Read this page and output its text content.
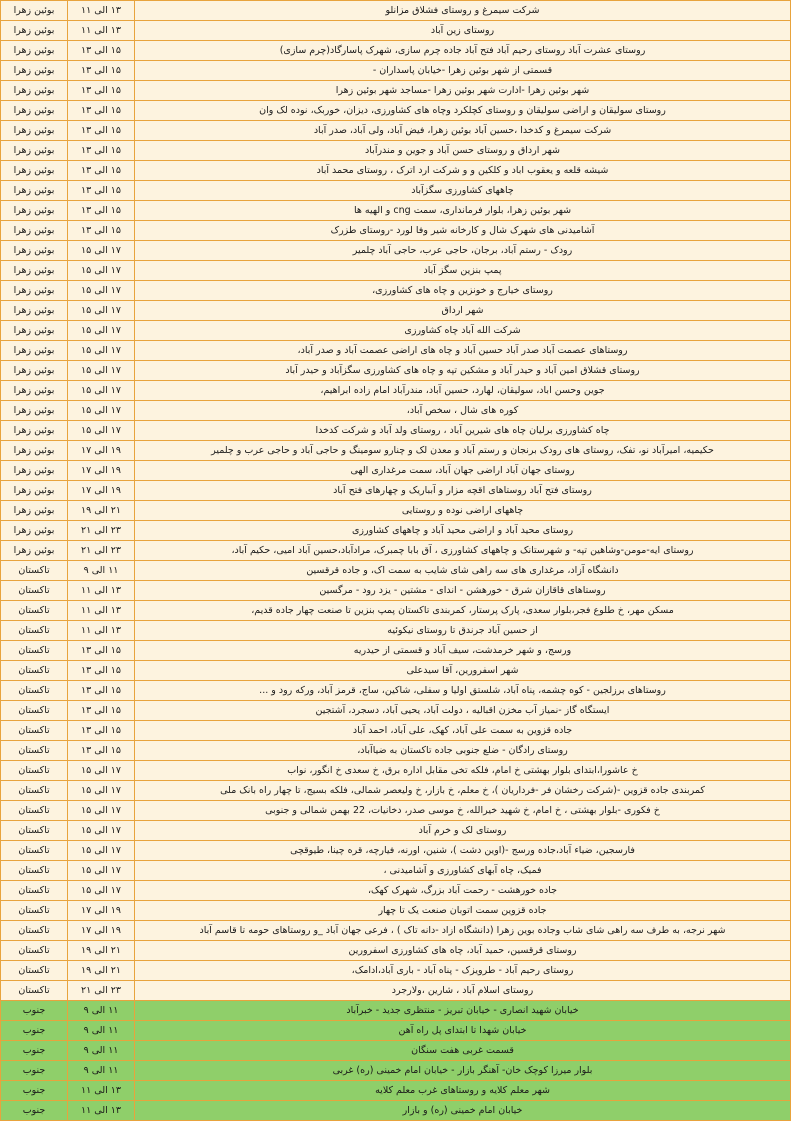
شرکت سیمرغ و روستای فشلاق مزانلو	۱۳ الی ۱۱	بوئین زهرا
روستای زین آباد	۱۳ الی ۱۱	بوئین زهرا
روستای عشرت آباد روستای رحیم آباد فتح آباد جاده چرم سازی، شهرک پاسارگاد(چرم سازی)	۱۵ الی ۱۳	بوئین زهرا
قسمتی از شهر بوئین زهرا -خیابان پاسداران -	۱۵ الی ۱۳	بوئین زهرا
شهر بوئین زهرا -ادارت شهر بوئین زهرا -مساجد شهر بوئین زهرا	۱۵ الی ۱۳	بوئین زهرا
روستای سولیقان و اراضی سولیقان و روستای کچلکرد وچاه های کشاورزی، دیزان، خوربک، نوده لک وان	۱۵ الی ۱۳	بوئین زهرا
شرکت سیمرغ و کدخدا ،حسین آباد بوئین زهرا، فیض آباد، ولی آباد، صدر آباد	۱۵ الی ۱۳	بوئین زهرا
شهر ارداق و روستای حسن آباد و جوین و مندرآباد	۱۵ الی ۱۳	بوئین زهرا
شیشه قلعه و یعقوب اباد و کلکین و و شرکت ارد اترک ، روستای محمد آباد	۱۵ الی ۱۳	بوئین زهرا
چاههای کشاورزی سگزآباد	۱۵ الی ۱۳	بوئین زهرا
شهر بوئین زهرا، بلوار فرمانداری، سمت cng و الهیه ها	۱۵ الی ۱۳	بوئین زهرا
آشامیدنی های شهرک شال و کارخانه شیر وفا لورد -روستای طزرک	۱۵ الی ۱۳	بوئین زهرا
رودک - رستم آباد، برجان، حاجی عرب، حاجی آباد چلمیر	۱۷ الی ۱۵	بوئین زهرا
پمپ بنزین سگز آباد	۱۷ الی ۱۵	بوئین زهرا
روستای خیارج و خونزین و چاه های کشاورزی،	۱۷ الی ۱۵	بوئین زهرا
شهر ارداق	۱۷ الی ۱۵	بوئین زهرا
شرکت الله آباد چاه کشاورزی	۱۷ الی ۱۵	بوئین زهرا
روستاهای عصمت آباد صدر آباد حسین آباد و چاه های اراضی عصمت آباد و صدر آباد،	۱۷ الی ۱۵	بوئین زهرا
روستای قشلاق امین آباد و حیدر آباد و مشکین تپه و چاه های کشاورزی سگزآباد و حیدر آباد	۱۷ الی ۱۵	بوئین زهرا
جوین وحسن اباد، سولیقان، لهارد، حسین آباد، مندرآباد امام زاده ابراهیم،	۱۷ الی ۱۵	بوئین زهرا
کوره های شال ، سخص آباد،	۱۷ الی ۱۵	بوئین زهرا
چاه کشاورزی برلیان چاه های شیرین آباد ، روستای ولد آباد و شرکت کدخدا	۱۷ الی ۱۵	بوئین زهرا
حکیمیه، امیرآباد نو، تفک، روستای های رودک برنجان و رستم آباد و معدن لک و چنارو سومینگ و حاجی آباد و حاجی عرب و چلمیر	۱۹ الی ۱۷	بوئین زهرا
روستای جهان آباد اراضی جهان آباد، سمت مرغداری الهی	۱۹ الی ۱۷	بوئین زهرا
روستای فتح آباد روستاهای اقچه مزار و آبباریک و چهارهای فتح آباد	۱۹ الی ۱۷	بوئین زهرا
چاههای اراضی نوده و روستایی	۲۱ الی ۱۹	بوئین زهرا
روستای محید آباد و اراضی محید آباد و چاههای کشاورزی	۲۳ الی ۲۱	بوئین زهرا
روستای ایه-مومن-وشاهین تپه- و شهرستانک و چاههای کشاورزی ، آق بابا چمبرک، مرادآباد،حسین آباد امیی، حکیم آباد،	۲۳ الی ۲۱	بوئین زهرا
دانشگاه آزاد، مرغداری های سه راهی شای شایب به سمت اک، و جاده قرقسین	۱۱ الی ۹	تاکستان
روستاهای قاقازان شرق - خورهشن - اندای - مشتین - یزد رود - مرگسین	۱۳ الی ۱۱	تاکستان
مسکن مهر، خ طلوع فجر،بلوار سعدی، پارک پرستار، کمربندی تاکستان پمپ بنزین تا صنعت چهار جاده قدیم،	۱۳ الی ۱۱	تاکستان
از حسین آباد جرندق تا روستای نیکوئیه	۱۳ الی ۱۱	تاکستان
ورسج، و شهر خرمدشت، سیف آباد و قسمتی از حیدریه	۱۵ الی ۱۳	تاکستان
شهر اسفرورین، آقا سیدعلی	۱۵ الی ۱۳	تاکستان
روستاهای برزلجین - کوه چشمه، پناه آباد، شلستق اولیا و سفلی، شاکین، ساج، قرمز آباد، ورکه رود و ...	۱۵ الی ۱۳	تاکستان
ایستگاه گاز -نمیاز آب مخزن اقبالیه ، دولت آباد، یحیی آباد، دسجرد، آشتجین	۱۵ الی ۱۳	تاکستان
جاده قزوین به سمت علی آباد، کهک، علی آباد، احمد آباد	۱۵ الی ۱۳	تاکستان
روستای رادگان - ضلع جنوبی جاده تاکستان به ضیاآباد،	۱۵ الی ۱۳	تاکستان
خ عاشورا،ابتدای بلوار بهشتی خ امام، فلکه تخی مقابل اداره برق، خ سعدی خ انگور، نواب	۱۷ الی ۱۵	تاکستان
کمربندی جاده قزوین -(شرکت رخشان فر -فرداریان )، خ معلم، خ بازار، خ ولیعصر شمالی، فلکه بسیج، تا چهار راه بانک ملی	۱۷ الی ۱۵	تاکستان
خ فکوری -بلوار بهشتی ، خ امام، خ شهید خیرالله، خ موسی صدر، دخانیات، 22 بهمن شمالی و جنوبی	۱۷ الی ۱۵	تاکستان
روستای لک و خرم آباد	۱۷ الی ۱۵	تاکستان
فارسجین، ضیاء آباد،جاده ورسج -(اوین دشت )، شنین، اورنه، فیارچه، قره چینا، طیوقچی	۱۷ الی ۱۵	تاکستان
فمیک، چاه آبهای کشاورزی و آشامیدنی ،	۱۷ الی ۱۵	تاکستان
جاده خورهشت - رحمت آباد بزرگ، شهرک کهک،	۱۷ الی ۱۵	تاکستان
جاده قزوین سمت اتوبان صنعت یک تا چهار	۱۹ الی ۱۷	تاکستان
شهر نرجه، به طرف سه راهی شای شاب وجاده بوین زهرا (دانشگاه ازاد -دانه تاک ) ، فرعی جهان آباد _و روستاهای حومه تا قاسم آباد	۱۹ الی ۱۷	تاکستان
روستای قرقسین، حمید آباد، چاه های کشاورزی اسفرورین	۲۱ الی ۱۹	تاکستان
روستای رحیم آباد - طرویزک - پناه آباد - باری آباد،ادامک،	۲۱ الی ۱۹	تاکستان
روستای اسلام آباد ، شارین ،ولارجرد	۲۳ الی ۲۱	تاکستان
خیابان شهید انصاری - خیابان تبریز - منتظری جدید - خبرآباد	۱۱ الی ۹	جنوب
خیابان شهدا تا ابتدای پل راه آهن	۱۱ الی ۹	جنوب
قسمت غربی هفت سنگان	۱۱ الی ۹	جنوب
بلوار میرزا کوچک خان- آهنگر بازار - خیابان امام خمینی (ره) غربی	۱۱ الی ۹	جنوب
شهر معلم کلایه و روستاهای غرب معلم کلایه	۱۳ الی ۱۱	جنوب
خیابان امام خمینی (ره) و بازار	۱۳ الی ۱۱	جنوب
